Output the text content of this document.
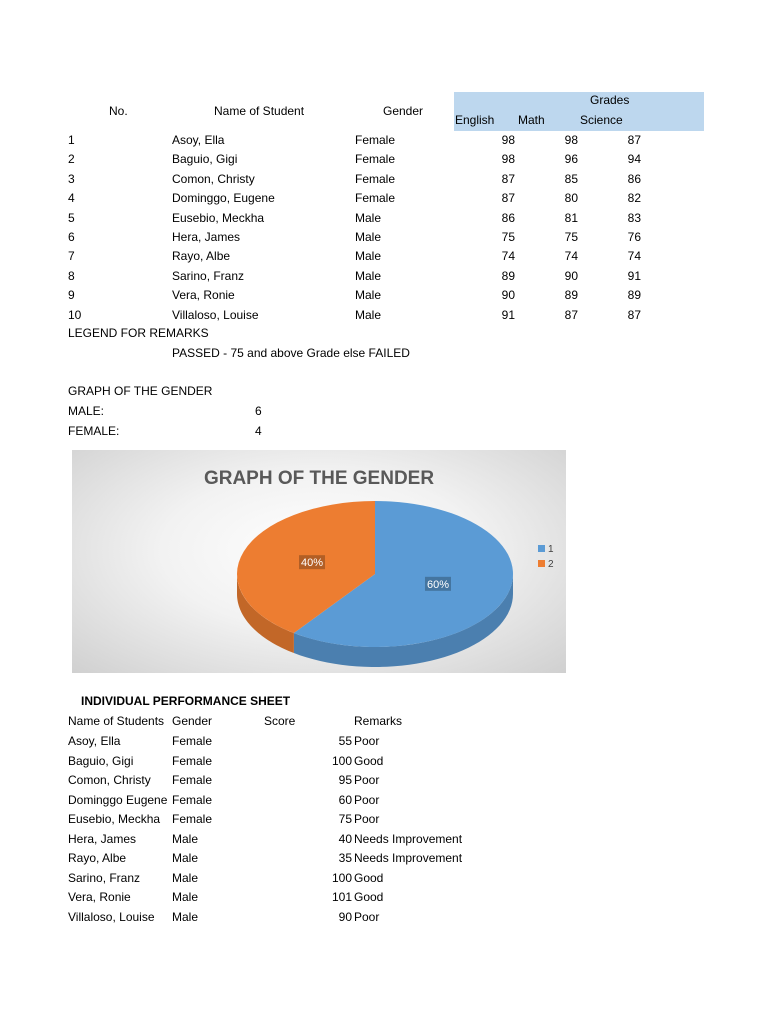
No.	Name of Student	Gender
Grades
English Math	Science
1	Asoy, Ella	Female	98	98	87
2	Baguio, Gigi	Female	98	96	94
3	Comon, Christy	Female	87	85	86
4	Dominggo, Eugene	Female	87	80	82
5	Eusebio, Meckha	Male	86	81	83
6	Hera, James	Male	75	75	76
7	Rayo, Albe	Male	74	74	74
8	Sarino, Franz	Male	89	90	91
9	Vera, Ronie	Male	90	89	89
10	Villaloso, Louise	Male	91	87	87
LEGEND FOR REMARKS
PASSED - 75 and above Grade else FAILED
GRAPH OF THE GENDER
MALE:	6
FEMALE:	4
GRAPH OF THE GENDER
60%
40%
1
2
INDIVIDUAL PERFORMANCE SHEET
Name of Students Gender	Score	Remarks
Asoy, Ella	Female	55 Poor
Baguio, Gigi	Female	100 Good
Comon, Christy Female	95 Poor
Dominggo Eugene Female	60 Poor
Eusebio, Meckha Female	75 Poor
Hera, James	Male	40 Needs Improvement
Rayo, Albe	Male	35 Needs Improvement
Sarino, Franz	Male	100 Good
Vera, Ronie	Male	101 Good
Villaloso, Louise Male	90 Poor
